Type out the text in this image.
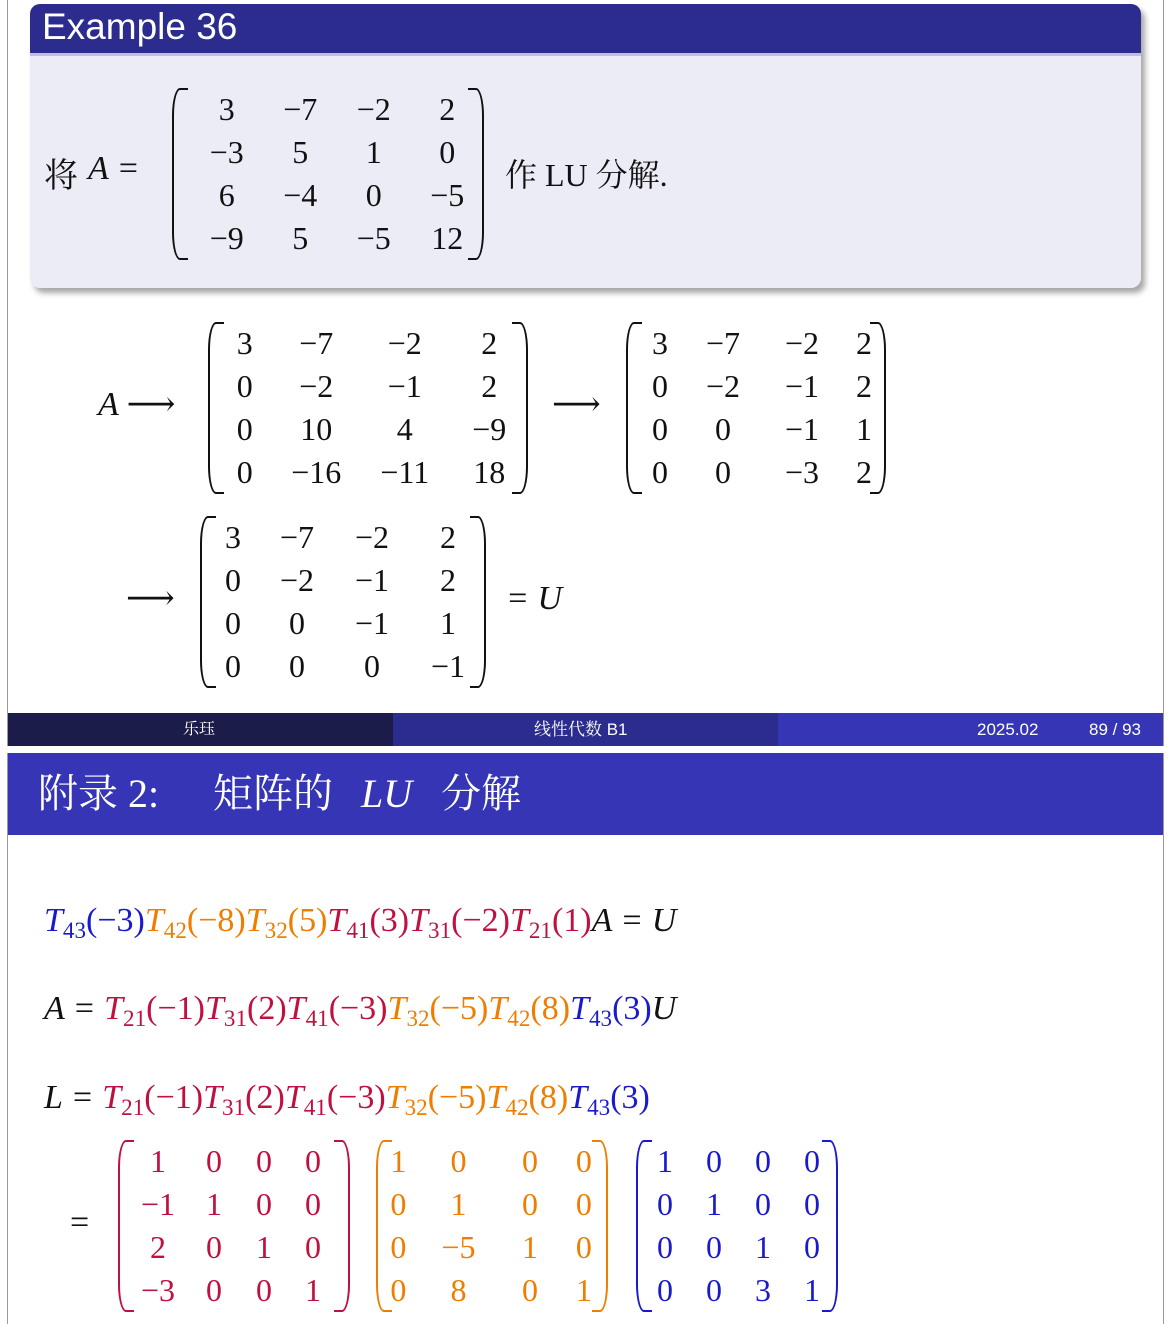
Example 36
将 A =
3	−7	−2	2
−3	5	1	0
6	−4	0	−5
−9	5	−5	12
作 LU 分解.
A ⟶
3	−7	−2	2
0	−2	−1	2
0	10	4	−9
0	−16	−11	18
⟶
3	−7	−2	2
0	−2	−1	2
0	0	−1	1
0	0	−3	2
⟶
3	−7	−2	2
0	−2	−1	2
0	0	−1	1
0	0	0	−1
= U
乐珏	线性代数 B1	2025.02	89 / 93
附录 2: 矩阵的 LU 分解
$T_{43}(-3)T_{42}(-8)T_{32}(5)T_{41}(3)T_{31}(-2)T_{21}(1)A = U$
$A = T_{21}(-1)T_{31}(2)T_{41}(-3)T_{32}(-5)T_{42}(8)T_{43}(3)U$
$L = T_{21}(-1)T_{31}(2)T_{41}(-3)T_{32}(-5)T_{42}(8)T_{43}(3)$
=
1	0	0	0
−1	1	0	0
2	0	1	0
−3	0	0	1
1	0	0	0
0	1	0	0
0	−5	1	0
0	8	0	1
1	0	0	0
0	1	0	0
0	0	1	0
0	0	3	1
